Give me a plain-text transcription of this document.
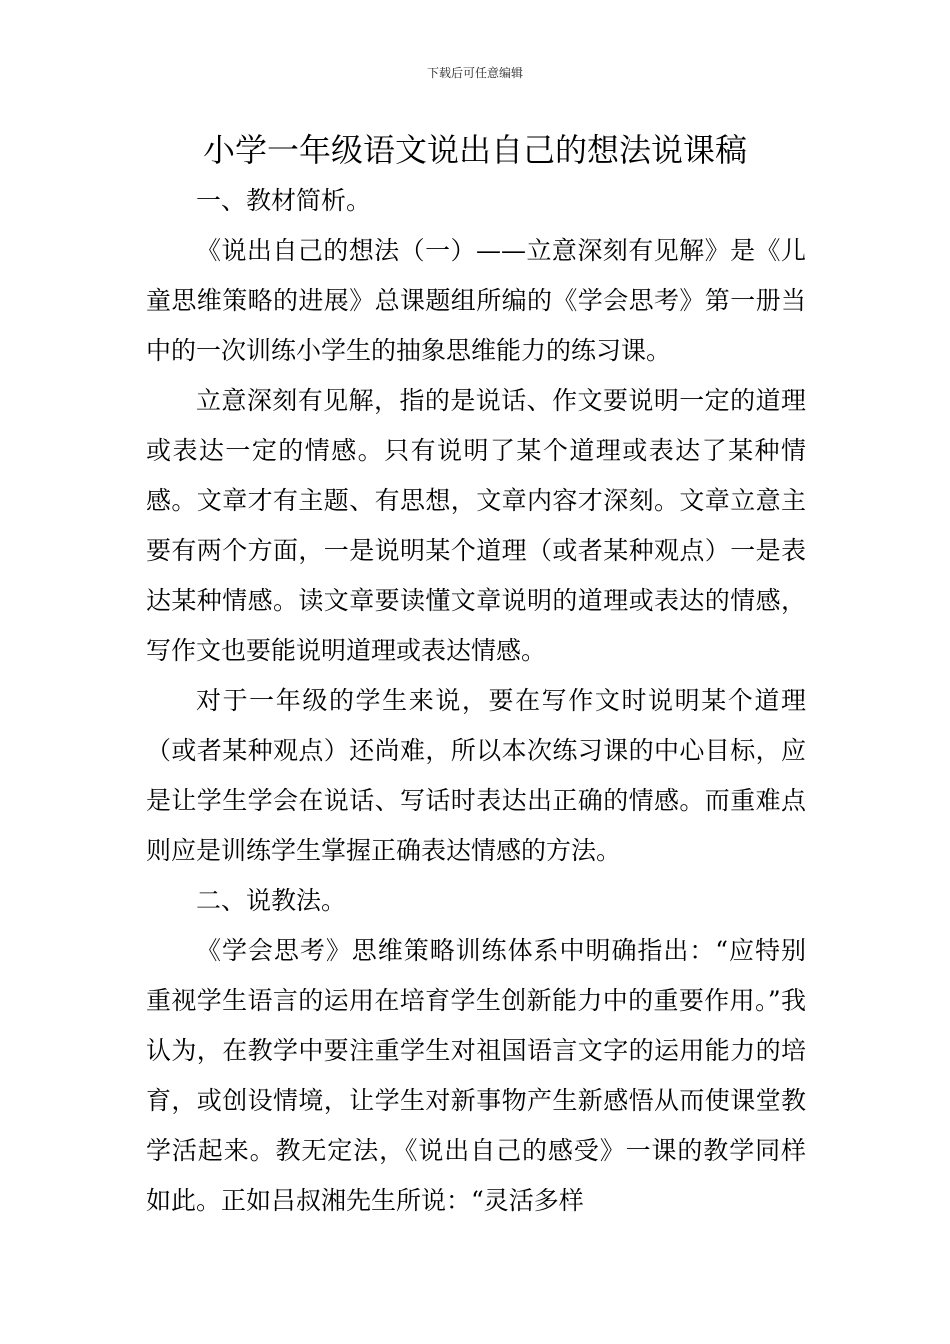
下载后可任意编辑
小学一年级语文说出自己的想法说课稿

一、教材简析。

《说出自己的想法（一）——立意深刻有见解》是《儿童思维策略的进展》总课题组所编的《学会思考》第一册当中的一次训练小学生的抽象思维能力的练习课。

立意深刻有见解，指的是说话、作文要说明一定的道理或表达一定的情感。只有说明了某个道理或表达了某种情感。文章才有主题、有思想，文章内容才深刻。文章立意主要有两个方面，一是说明某个道理（或者某种观点）一是表达某种情感。读文章要读懂文章说明的道理或表达的情感，写作文也要能说明道理或表达情感。

对于一年级的学生来说，要在写作文时说明某个道理（或者某种观点）还尚难，所以本次练习课的中心目标，应是让学生学会在说话、写话时表达出正确的情感。而重难点则应是训练学生掌握正确表达情感的方法。

二、说教法。

《学会思考》思维策略训练体系中明确指出：“应特别重视学生语言的运用在培育学生创新能力中的重要作用。”我认为，在教学中要注重学生对祖国语言文字的运用能力的培育，或创设情境，让学生对新事物产生新感悟从而使课堂教学活起来。教无定法，《说出自己的感受》一课的教学同样如此。正如吕叔湘先生所说：“灵活多样
